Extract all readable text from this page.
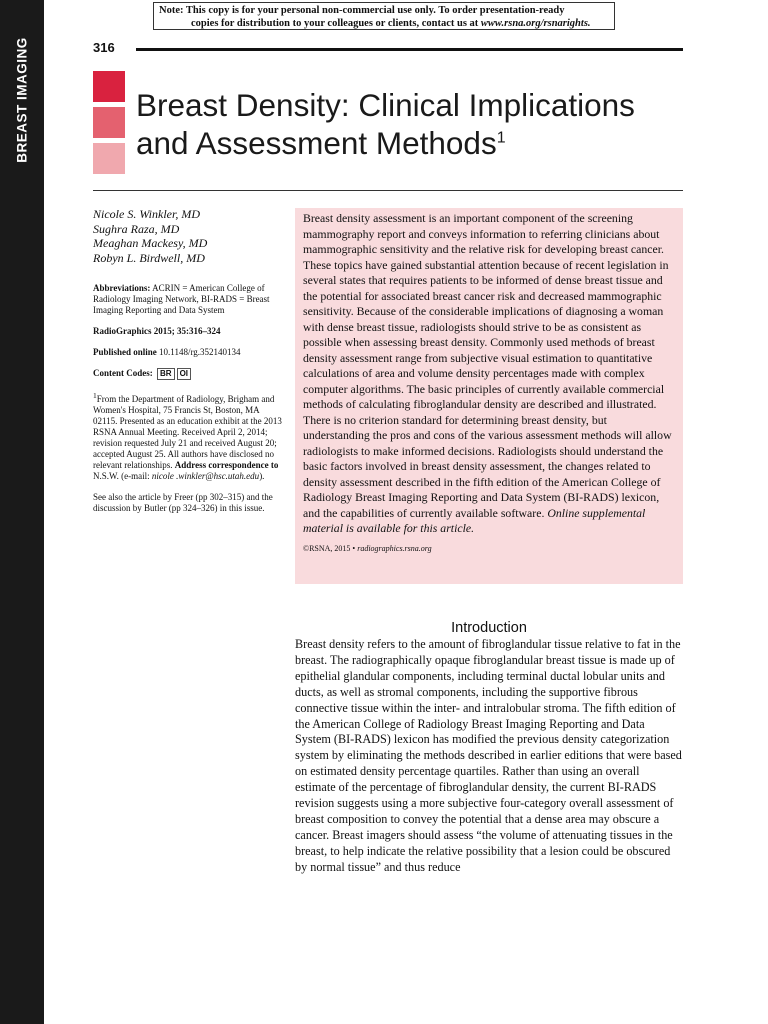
BREAST IMAGING
Note: This copy is for your personal non-commercial use only. To order presentation-ready
copies for distribution to your colleagues or clients, contact us at www.rsna.org/rsnarights.
316
Breast Density: Clinical Implications
and Assessment Methods$^1$
Nicole S. Winkler, MD
Sughra Raza, MD
Meaghan Mackesy, MD
Robyn L. Birdwell, MD

Abbreviations: ACRIN = American College of Radiology Imaging Network, BI-RADS = Breast Imaging Reporting and Data System

RadioGraphics 2015; 35:316–324

Published online 10.1148/rg.352140134

Content Codes: BR OI

$^1$From the Department of Radiology, Brigham and Women's Hospital, 75 Francis St, Boston, MA 02115. Presented as an education exhibit at the 2013 RSNA Annual Meeting. Received April 2, 2014; revision requested July 21 and received August 20; accepted August 25. All authors have disclosed no relevant relationships. Address correspondence to N.S.W. (e-mail: nicole .winkler@hsc.utah.edu).

See also the article by Freer (pp 302–315) and the discussion by Butler (pp 324–326) in this issue.

Breast density assessment is an important component of the screening mammography report and conveys information to referring clinicians about mammographic sensitivity and the relative risk for developing breast cancer. These topics have gained substantial attention because of recent legislation in several states that requires patients to be informed of dense breast tissue and the potential for associated breast cancer risk and decreased mammographic sensitivity. Because of the considerable implications of diagnosing a woman with dense breast tissue, radiologists should strive to be as consistent as possible when assessing breast density. Commonly used methods of breast density assessment range from subjective visual estimation to quantitative calculations of area and volume density percentages made with complex computer algorithms. The basic principles of currently available commercial methods of calculating fibroglandular density are described and illustrated. There is no criterion standard for determining breast density, but understanding the pros and cons of the various assessment methods will allow radiologists to make informed decisions. Radiologists should understand the basic factors involved in breast density assessment, the changes related to density assessment described in the fifth edition of the American College of Radiology Breast Imaging Reporting and Data System (BI-RADS) lexicon, and the capabilities of currently available software. Online supplemental material is available for this article.

©RSNA, 2015 • radiographics.rsna.org
Introduction

Breast density refers to the amount of fibroglandular tissue relative to fat in the breast. The radiographically opaque fibroglandular breast tissue is made up of epithelial glandular components, including terminal ductal lobular units and ducts, as well as stromal components, including the supportive fibrous connective tissue within the inter- and intralobular stroma. The fifth edition of the American College of Radiology Breast Imaging Reporting and Data System (BI-RADS) lexicon has modified the previous density categorization system by eliminating the methods described in earlier editions that were based on estimated density percentage quartiles. Rather than using an overall estimate of the percentage of fibroglandular density, the current BI-RADS revision suggests using a more subjective four-category overall assessment of breast composition to convey the potential that a dense area may obscure a cancer. Breast imagers should assess “the volume of attenuating tissues in the breast, to help indicate the relative possibility that a lesion could be obscured by normal tissue” and thus reduce
